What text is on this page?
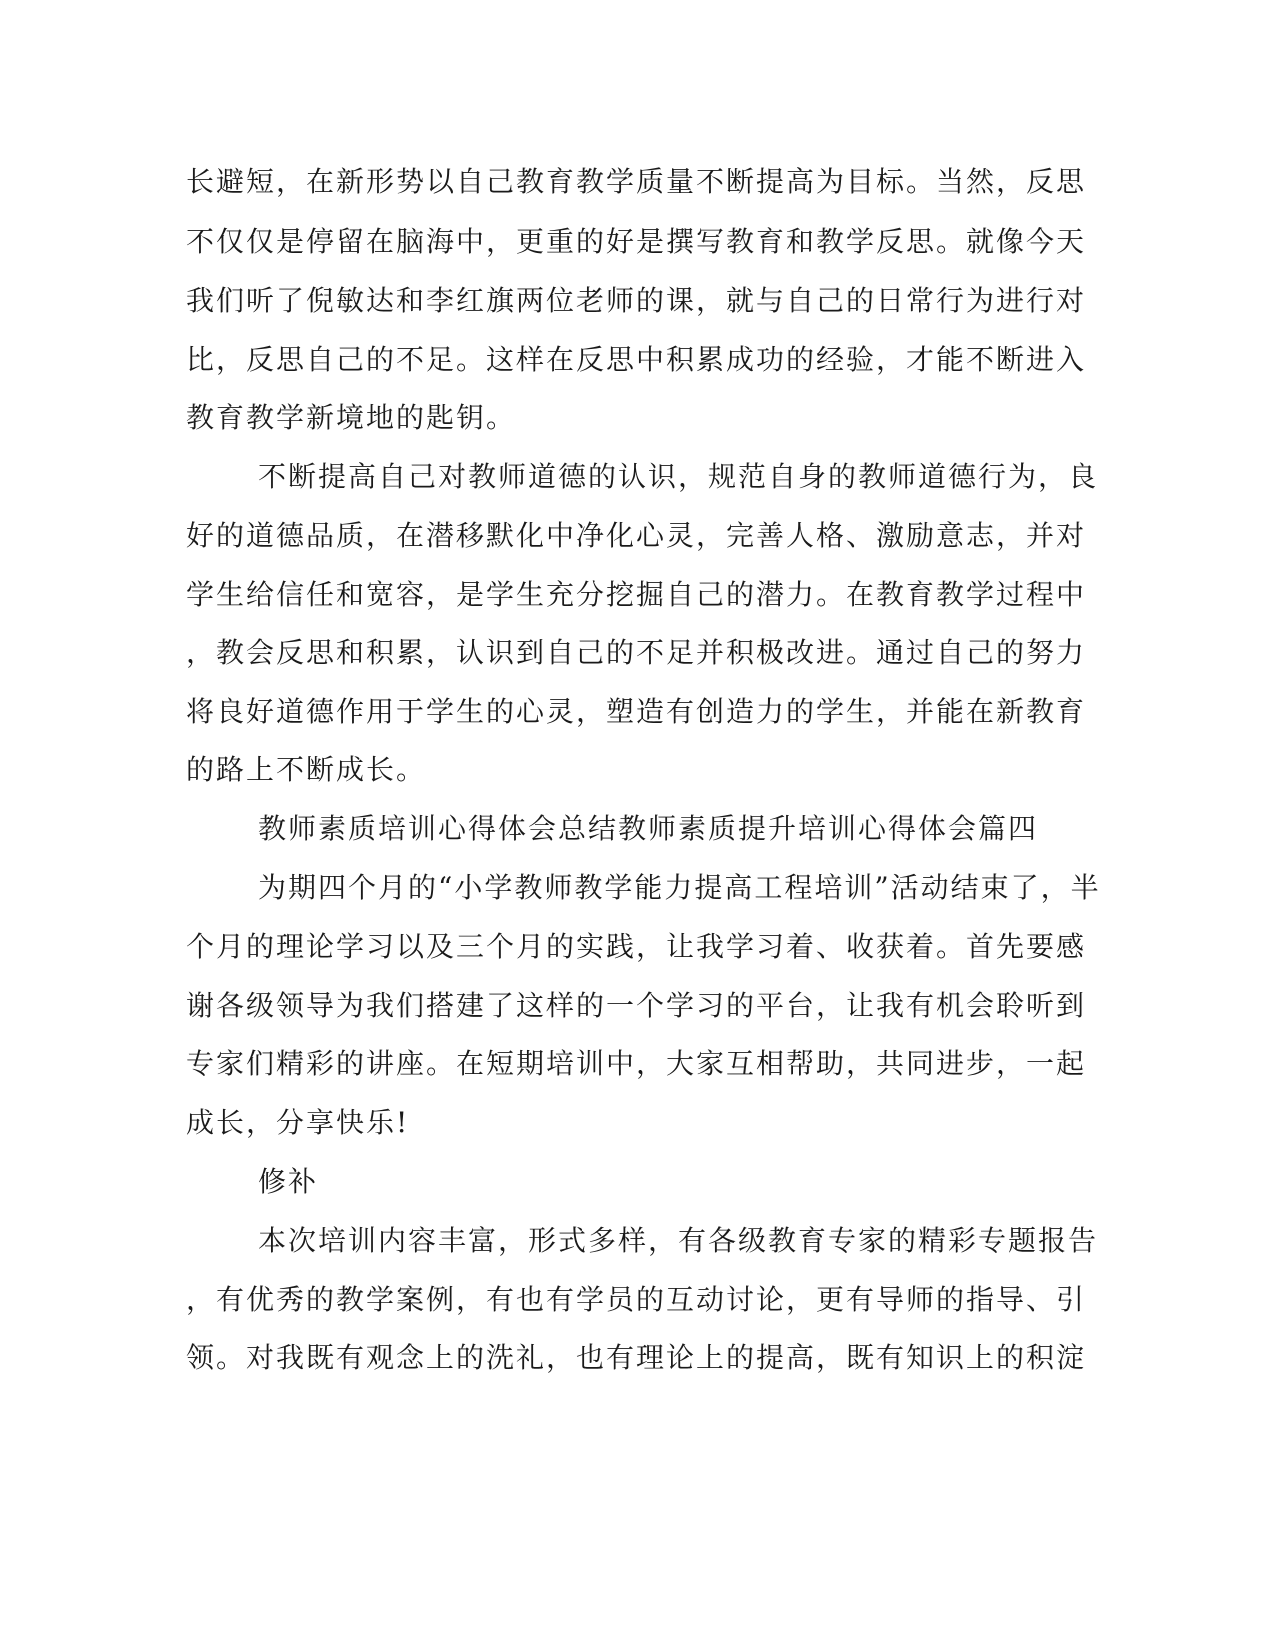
长避短，在新形势以自己教育教学质量不断提高为目标。当然，反思
不仅仅是停留在脑海中，更重的好是撰写教育和教学反思。就像今天
我们听了倪敏达和李红旗两位老师的课，就与自己的日常行为进行对
比，反思自己的不足。这样在反思中积累成功的经验，才能不断进入
教育教学新境地的匙钥。
不断提高自己对教师道德的认识，规范自身的教师道德行为，良
好的道德品质，在潜移默化中净化心灵，完善人格、激励意志，并对
学生给信任和宽容，是学生充分挖掘自己的潜力。在教育教学过程中
，教会反思和积累，认识到自己的不足并积极改进。通过自己的努力
将良好道德作用于学生的心灵，塑造有创造力的学生，并能在新教育
的路上不断成长。
教师素质培训心得体会总结教师素质提升培训心得体会篇四
为期四个月的“小学教师教学能力提高工程培训”活动结束了，半
个月的理论学习以及三个月的实践，让我学习着、收获着。首先要感
谢各级领导为我们搭建了这样的一个学习的平台，让我有机会聆听到
专家们精彩的讲座。在短期培训中，大家互相帮助，共同进步，一起
成长，分享快乐!
修补
本次培训内容丰富，形式多样，有各级教育专家的精彩专题报告
，有优秀的教学案例，有也有学员的互动讨论，更有导师的指导、引
领。对我既有观念上的洗礼，也有理论上的提高，既有知识上的积淀
